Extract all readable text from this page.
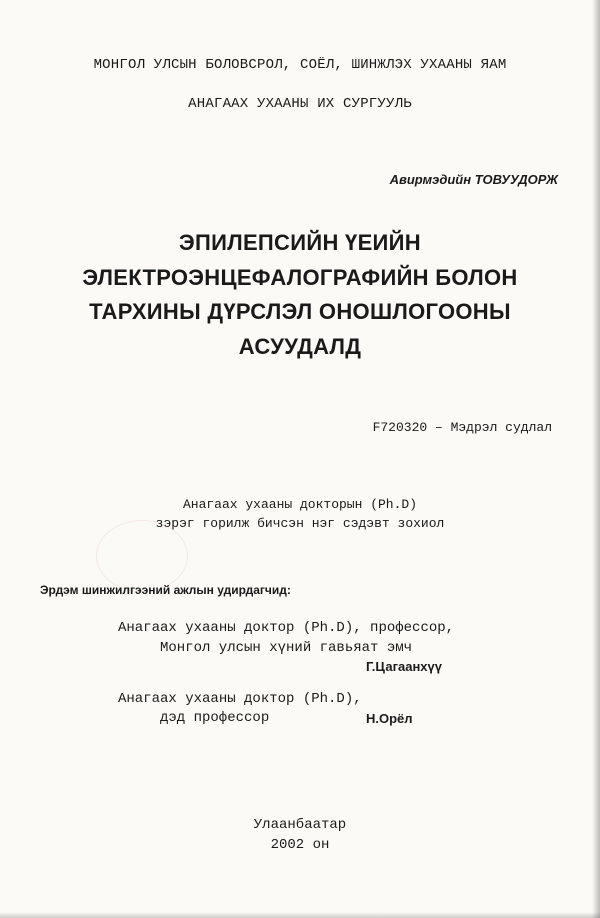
МОНГОЛ УЛСЫН БОЛОВСРОЛ, СОЁЛ, ШИНЖЛЭХ УХААНЫ ЯАМ
АНАГААХ УХААНЫ ИХ СУРГУУЛЬ
Авирмэдийн ТОВУУДОРЖ
ЭПИЛЕПСИЙН ҮЕИЙН
ЭЛЕКТРОЭНЦЕФАЛОГРАФИЙН БОЛОН
ТАРХИНЫ ДҮРСЛЭЛ ОНОШЛОГООНЫ
АСУУДАЛД
F720320 – Мэдрэл судлал
Анагаах ухааны докторын (Ph.D)
зэрэг горилж бичсэн нэг сэдэвт зохиол
Эрдэм шинжилгээний ажлын удирдагчид:
Анагаах ухааны доктор (Ph.D), профессор,
Монгол улсын хүний гавьяат эмч
Г.Цагаанхүү
Анагаах ухааны доктор (Ph.D),
дэд профессор	Н.Орёл
Улаанбаатар
2002 он
